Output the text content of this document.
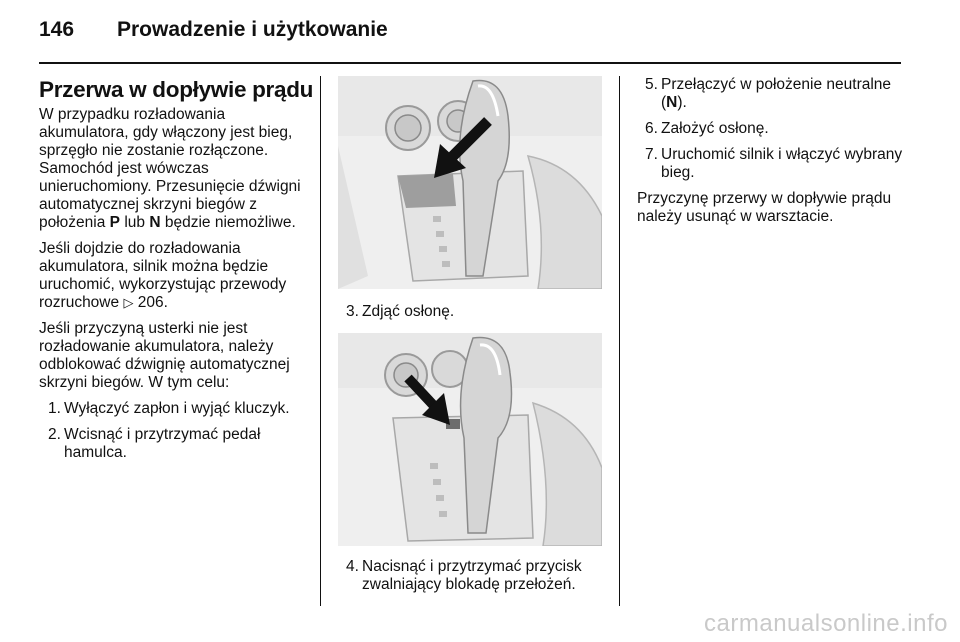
146	Prowadzenie i użytkowanie
Przerwa w dopływie prądu

W przypadku rozładowania akumulatora, gdy włączony jest bieg, sprzęgło nie zostanie rozłączone. Samochód jest wówczas unieruchomiony. Przesunięcie dźwigni automatycznej skrzyni biegów z położenia P lub N będzie niemożliwe.

Jeśli dojdzie do rozładowania akumulatora, silnik można będzie uruchomić, wykorzystując przewody rozruchowe ▷ 206.

Jeśli przyczyną usterki nie jest rozładowanie akumulatora, należy odblokować dźwignię automatycznej skrzyni biegów. W tym celu:

1. Wyłączyć zapłon i wyjąć kluczyk.
2. Wcisnąć i przytrzymać pedał hamulca.
3. Zdjąć osłonę.
4. Nacisnąć i przytrzymać przycisk zwalniający blokadę przełożeń.
5. Przełączyć w położenie neutralne (N).
6. Założyć osłonę.
7. Uruchomić silnik i włączyć wybrany bieg.

Przyczynę przerwy w dopływie prądu należy usunąć w warsztacie.

carmanualsonline.info
